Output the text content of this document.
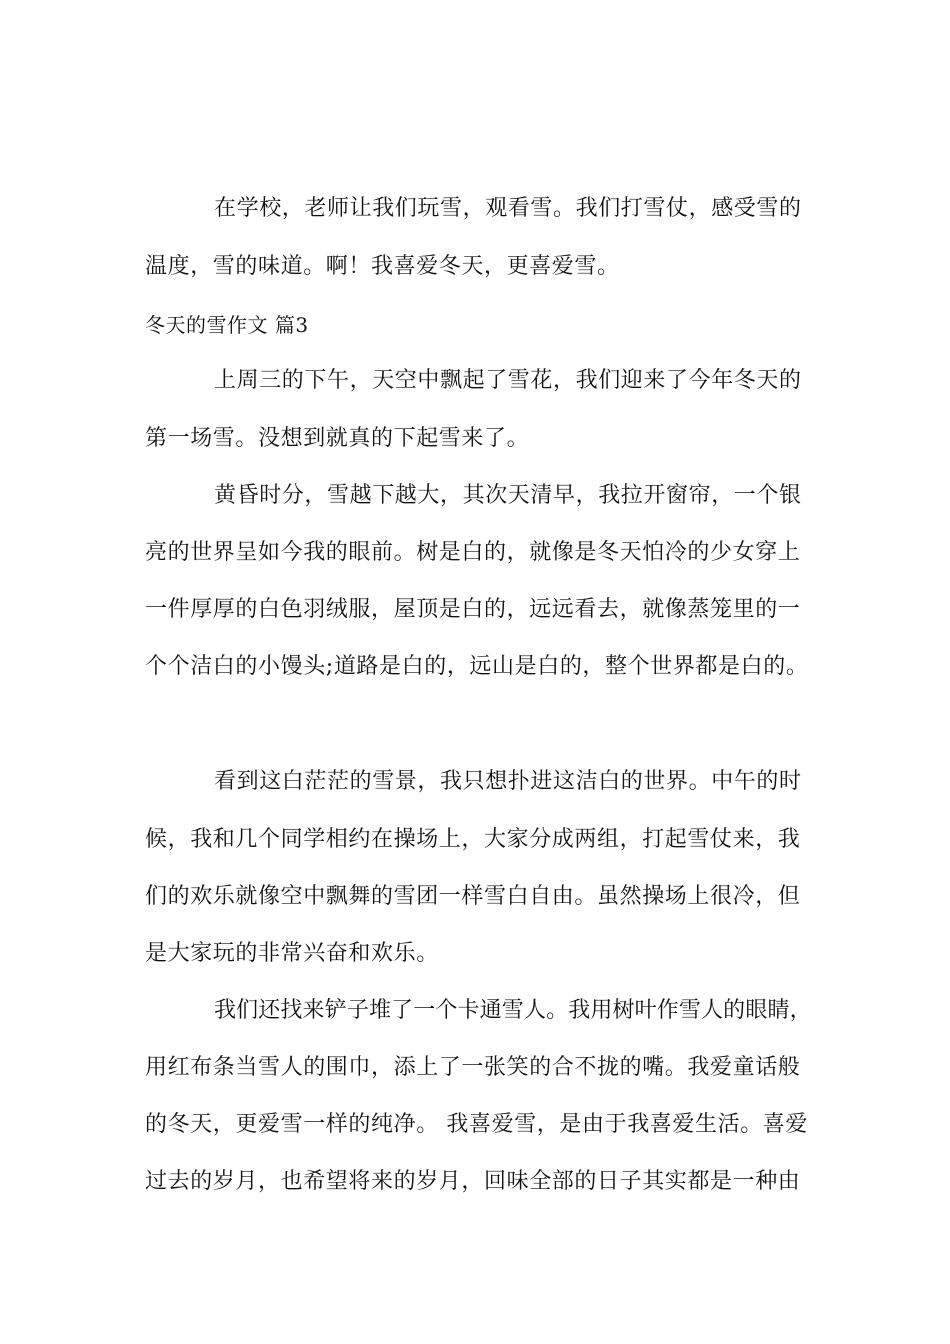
在学校，老师让我们玩雪，观看雪。我们打雪仗，感受雪的
温度，雪的味道。啊！我喜爱冬天，更喜爱雪。
冬天的雪作文 篇3
上周三的下午，天空中飘起了雪花，我们迎来了今年冬天的
第一场雪。没想到就真的下起雪来了。
黄昏时分，雪越下越大，其次天清早，我拉开窗帘，一个银
亮的世界呈如今我的眼前。树是白的，就像是冬天怕冷的少女穿上
一件厚厚的白色羽绒服，屋顶是白的，远远看去，就像蒸笼里的一
个个洁白的小馒头;道路是白的，远山是白的，整个世界都是白的。
看到这白茫茫的雪景，我只想扑进这洁白的世界。中午的时
候，我和几个同学相约在操场上，大家分成两组，打起雪仗来，我
们的欢乐就像空中飘舞的雪团一样雪白自由。虽然操场上很冷，但
是大家玩的非常兴奋和欢乐。
我们还找来铲子堆了一个卡通雪人。我用树叶作雪人的眼睛，
用红布条当雪人的围巾，添上了一张笑的合不拢的嘴。我爱童话般
的冬天，更爱雪一样的纯净。 我喜爱雪，是由于我喜爱生活。喜爱
过去的岁月，也希望将来的岁月，回味全部的日子其实都是一种由
